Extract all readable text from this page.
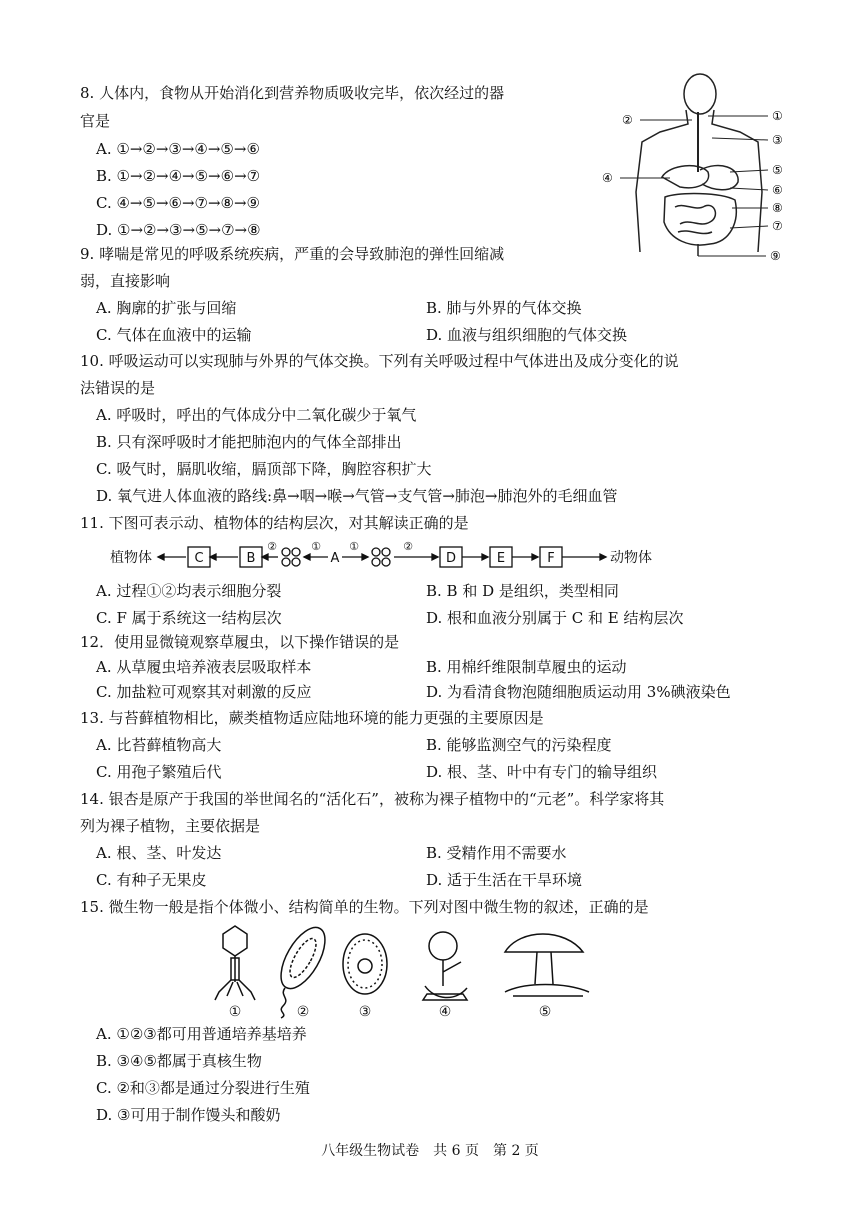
8. 人体内，食物从开始消化到营养物质吸收完毕，依次经过的器
官是
A. ①→②→③→④→⑤→⑥
B. ①→②→④→⑤→⑥→⑦
C. ④→⑤→⑥→⑦→⑧→⑨
D. ①→②→③→⑤→⑦→⑧
①
②
③
④
⑤
⑥
⑧
⑦
⑨
9. 哮喘是常见的呼吸系统疾病，严重的会导致肺泡的弹性回缩减
弱，直接影响
A. 胸廓的扩张与回缩	B. 肺与外界的气体交换
C. 气体在血液中的运输	D. 血液与组织细胞的气体交换
10. 呼吸运动可以实现肺与外界的气体交换。下列有关呼吸过程中气体进出及成分变化的说
法错误的是
A. 呼吸时，呼出的气体成分中二氧化碳少于氧气
B. 只有深呼吸时才能把肺泡内的气体全部排出
C. 吸气时，膈肌收缩，膈顶部下降，胸腔容积扩大
D. 氧气进人体血液的路线:鼻→咽→喉→气管→支气管→肺泡→肺泡外的毛细血管
11. 下图可表示动、植物体的结构层次，对其解读正确的是
植物体	动物体
C	B	A	D	E	F
②	①	①	②
A. 过程①②均表示细胞分裂	B. B 和 D 是组织，类型相同
C. F 属于系统这一结构层次	D. 根和血液分别属于 C 和 E 结构层次
12．使用显微镜观察草履虫，以下操作错误的是
A. 从草履虫培养液表层吸取样本	B. 用棉纤维限制草履虫的运动
C. 加盐粒可观察其对刺激的反应	D. 为看清食物泡随细胞质运动用 3%碘液染色
13. 与苔藓植物相比，蕨类植物适应陆地环境的能力更强的主要原因是
A. 比苔藓植物高大	B. 能够监测空气的污染程度
C. 用孢子繁殖后代	D. 根、茎、叶中有专门的输导组织
14. 银杏是原产于我国的举世闻名的“活化石”，被称为裸子植物中的“元老”。科学家将其
列为裸子植物，主要依据是
A. 根、茎、叶发达	B. 受精作用不需要水
C. 有种子无果皮	D. 适于生活在干旱环境
15. 微生物一般是指个体微小、结构简单的生物。下列对图中微生物的叙述，正确的是
①	②	③	④	⑤
A. ①②③都可用普通培养基培养
B. ③④⑤都属于真核生物
C. ②和③都是通过分裂进行生殖
D. ③可用于制作馒头和酸奶
八年级生物试卷　共 6 页　第 2 页
